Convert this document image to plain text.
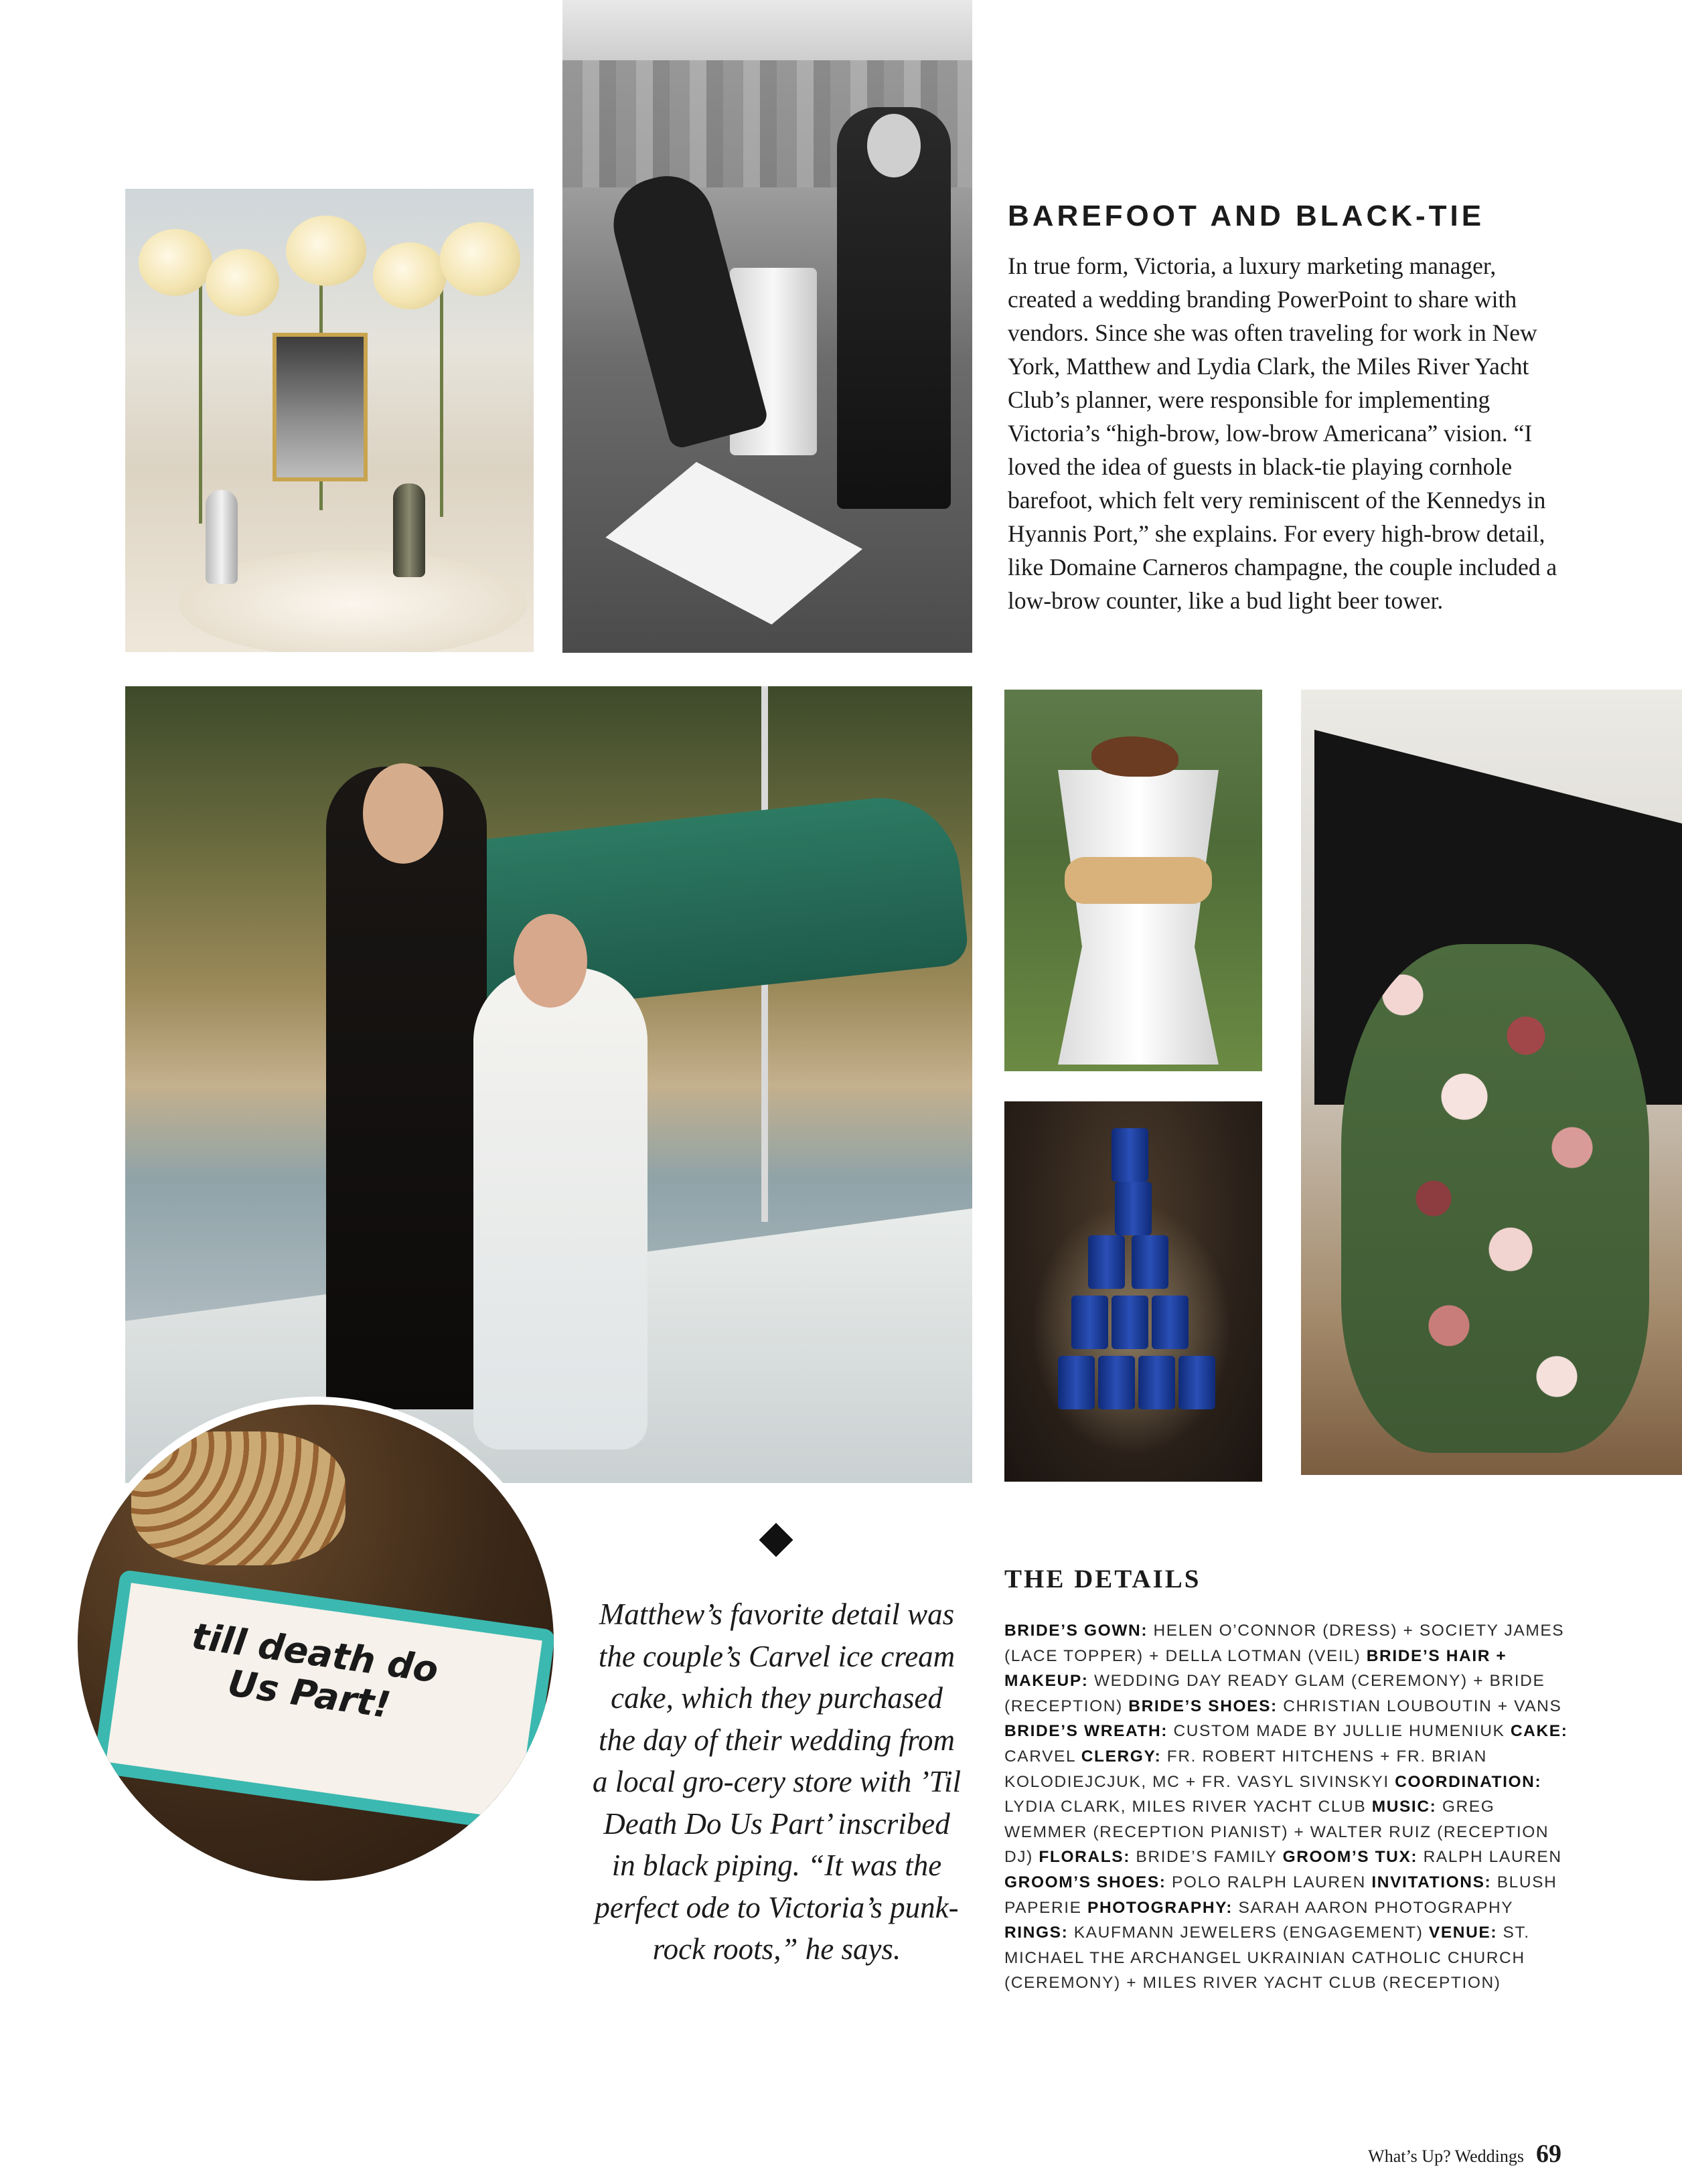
till death do Us Part!
BAREFOOT AND BLACK-TIE

In true form, Victoria, a luxury marketing manager, created a wedding branding PowerPoint to share with vendors. Since she was often traveling for work in New York, Matthew and Lydia Clark, the Miles River Yacht Club’s planner, were responsible for implementing Victoria’s “high-brow, low-brow Americana” vision. “I loved the idea of guests in black-tie playing cornhole barefoot, which felt very reminiscent of the Kennedys in Hyannis Port,” she explains. For every high-brow detail, like Domaine Carneros champagne, the couple included a low-brow counter, like a bud light beer tower.

Matthew’s favorite detail was the couple’s Carvel ice cream cake, which they purchased the day of their wedding from a local gro-cery store with ’Til Death Do Us Part’ inscribed in black piping. “It was the perfect ode to Victoria’s punk-rock roots,” he says.

THE DETAILS

BRIDE’S GOWN: HELEN O’CONNOR (DRESS) + SOCIETY JAMES (LACE TOPPER) + DELLA LOTMAN (VEIL) BRIDE’S HAIR + MAKEUP: WEDDING DAY READY GLAM (CEREMONY) + BRIDE (RECEPTION) BRIDE’S SHOES: CHRISTIAN LOUBOUTIN + VANS BRIDE’S WREATH: CUSTOM MADE BY JULLIE HUMENIUK CAKE: CARVEL CLERGY: FR. ROBERT HITCHENS + FR. BRIAN KOLODIEJCJUK, MC + FR. VASYL SIVINSKYI COORDINATION: LYDIA CLARK, MILES RIVER YACHT CLUB MUSIC: GREG WEMMER (RECEPTION PIANIST) + WALTER RUIZ (RECEPTION DJ) FLORALS: BRIDE’S FAMILY GROOM’S TUX: RALPH LAUREN GROOM’S SHOES: POLO RALPH LAUREN INVITATIONS: BLUSH PAPERIE PHOTOGRAPHY: SARAH AARON PHOTOGRAPHY RINGS: KAUFMANN JEWELERS (ENGAGEMENT) VENUE: ST. MICHAEL THE ARCHANGEL UKRAINIAN CATHOLIC CHURCH (CEREMONY) + MILES RIVER YACHT CLUB (RECEPTION)

What’s Up? Weddings 69
